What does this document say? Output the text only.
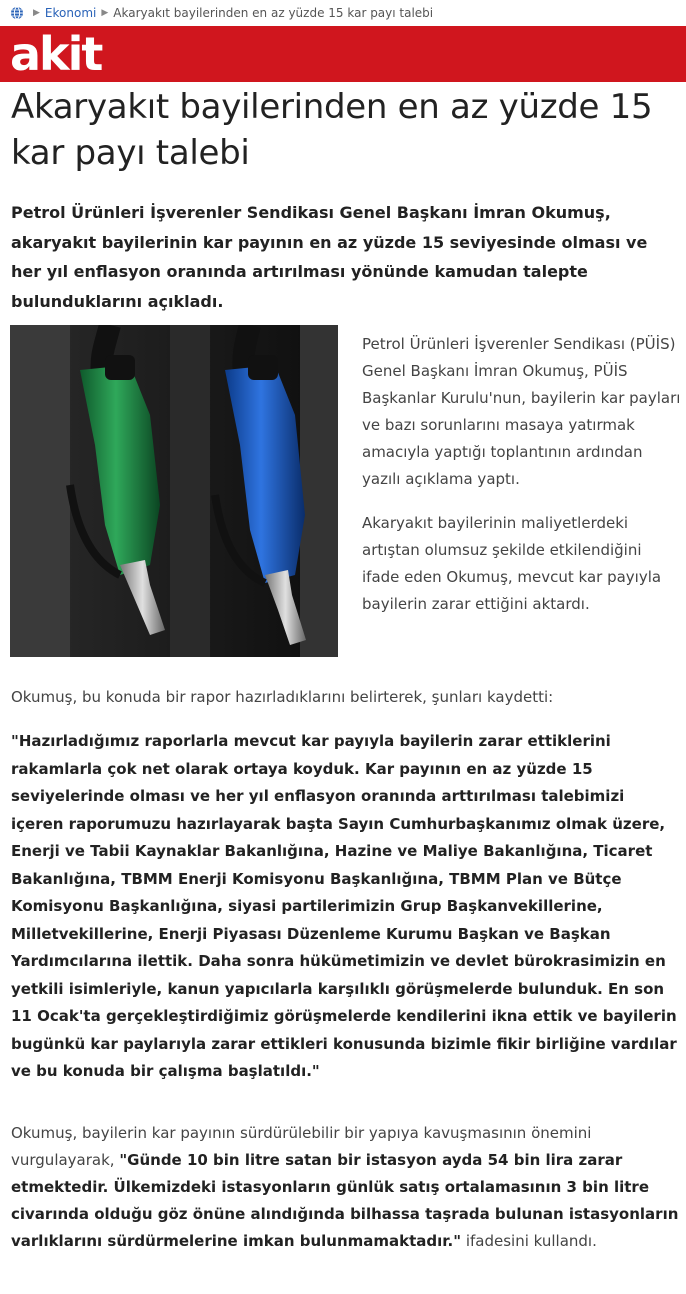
▶ Ekonomi ▶ Akaryakıt bayilerinden en az yüzde 15 kar payı talebi
akit
Akaryakıt bayilerinden en az yüzde 15 kar payı talebi

Petrol Ürünleri İşverenler Sendikası Genel Başkanı İmran Okumuş, akaryakıt bayilerinin kar payının en az yüzde 15 seviyesinde olması ve her yıl enflasyon oranında artırılması yönünde kamudan talepte bulunduklarını açıkladı.

Petrol Ürünleri İşverenler Sendikası (PÜİS) Genel Başkanı İmran Okumuş, PÜİS Başkanlar Kurulu'nun, bayilerin kar payları ve bazı sorunlarını masaya yatırmak amacıyla yaptığı toplantının ardından yazılı açıklama yaptı.

Akaryakıt bayilerinin maliyetlerdeki artıştan olumsuz şekilde etkilendiğini ifade eden Okumuş, mevcut kar payıyla bayilerin zarar ettiğini aktardı.

Okumuş, bu konuda bir rapor hazırladıklarını belirterek, şunları kaydetti:

"Hazırladığımız raporlarla mevcut kar payıyla bayilerin zarar ettiklerini rakamlarla çok net olarak ortaya koyduk. Kar payının en az yüzde 15 seviyelerinde olması ve her yıl enflasyon oranında arttırılması talebimizi içeren raporumuzu hazırlayarak başta Sayın Cumhurbaşkanımız olmak üzere, Enerji ve Tabii Kaynaklar Bakanlığına, Hazine ve Maliye Bakanlığına, Ticaret Bakanlığına, TBMM Enerji Komisyonu Başkanlığına, TBMM Plan ve Bütçe Komisyonu Başkanlığına, siyasi partilerimizin Grup Başkanvekillerine, Milletvekillerine, Enerji Piyasası Düzenleme Kurumu Başkan ve Başkan Yardımcılarına ilettik. Daha sonra hükümetimizin ve devlet bürokrasimizin en yetkili isimleriyle, kanun yapıcılarla karşılıklı görüşmelerde bulunduk. En son 11 Ocak'ta gerçekleştirdiğimiz görüşmelerde kendilerini ikna ettik ve bayilerin bugünkü kar paylarıyla zarar ettikleri konusunda bizimle fikir birliğine vardılar ve bu konuda bir çalışma başlatıldı."

Okumuş, bayilerin kar payının sürdürülebilir bir yapıya kavuşmasının önemini vurgulayarak, "Günde 10 bin litre satan bir istasyon ayda 54 bin lira zarar etmektedir. Ülkemizdeki istasyonların günlük satış ortalamasının 3 bin litre civarında olduğu göz önüne alındığında bilhassa taşrada bulunan istasyonların varlıklarını sürdürmelerine imkan bulunmamaktadır." ifadesini kullandı.
